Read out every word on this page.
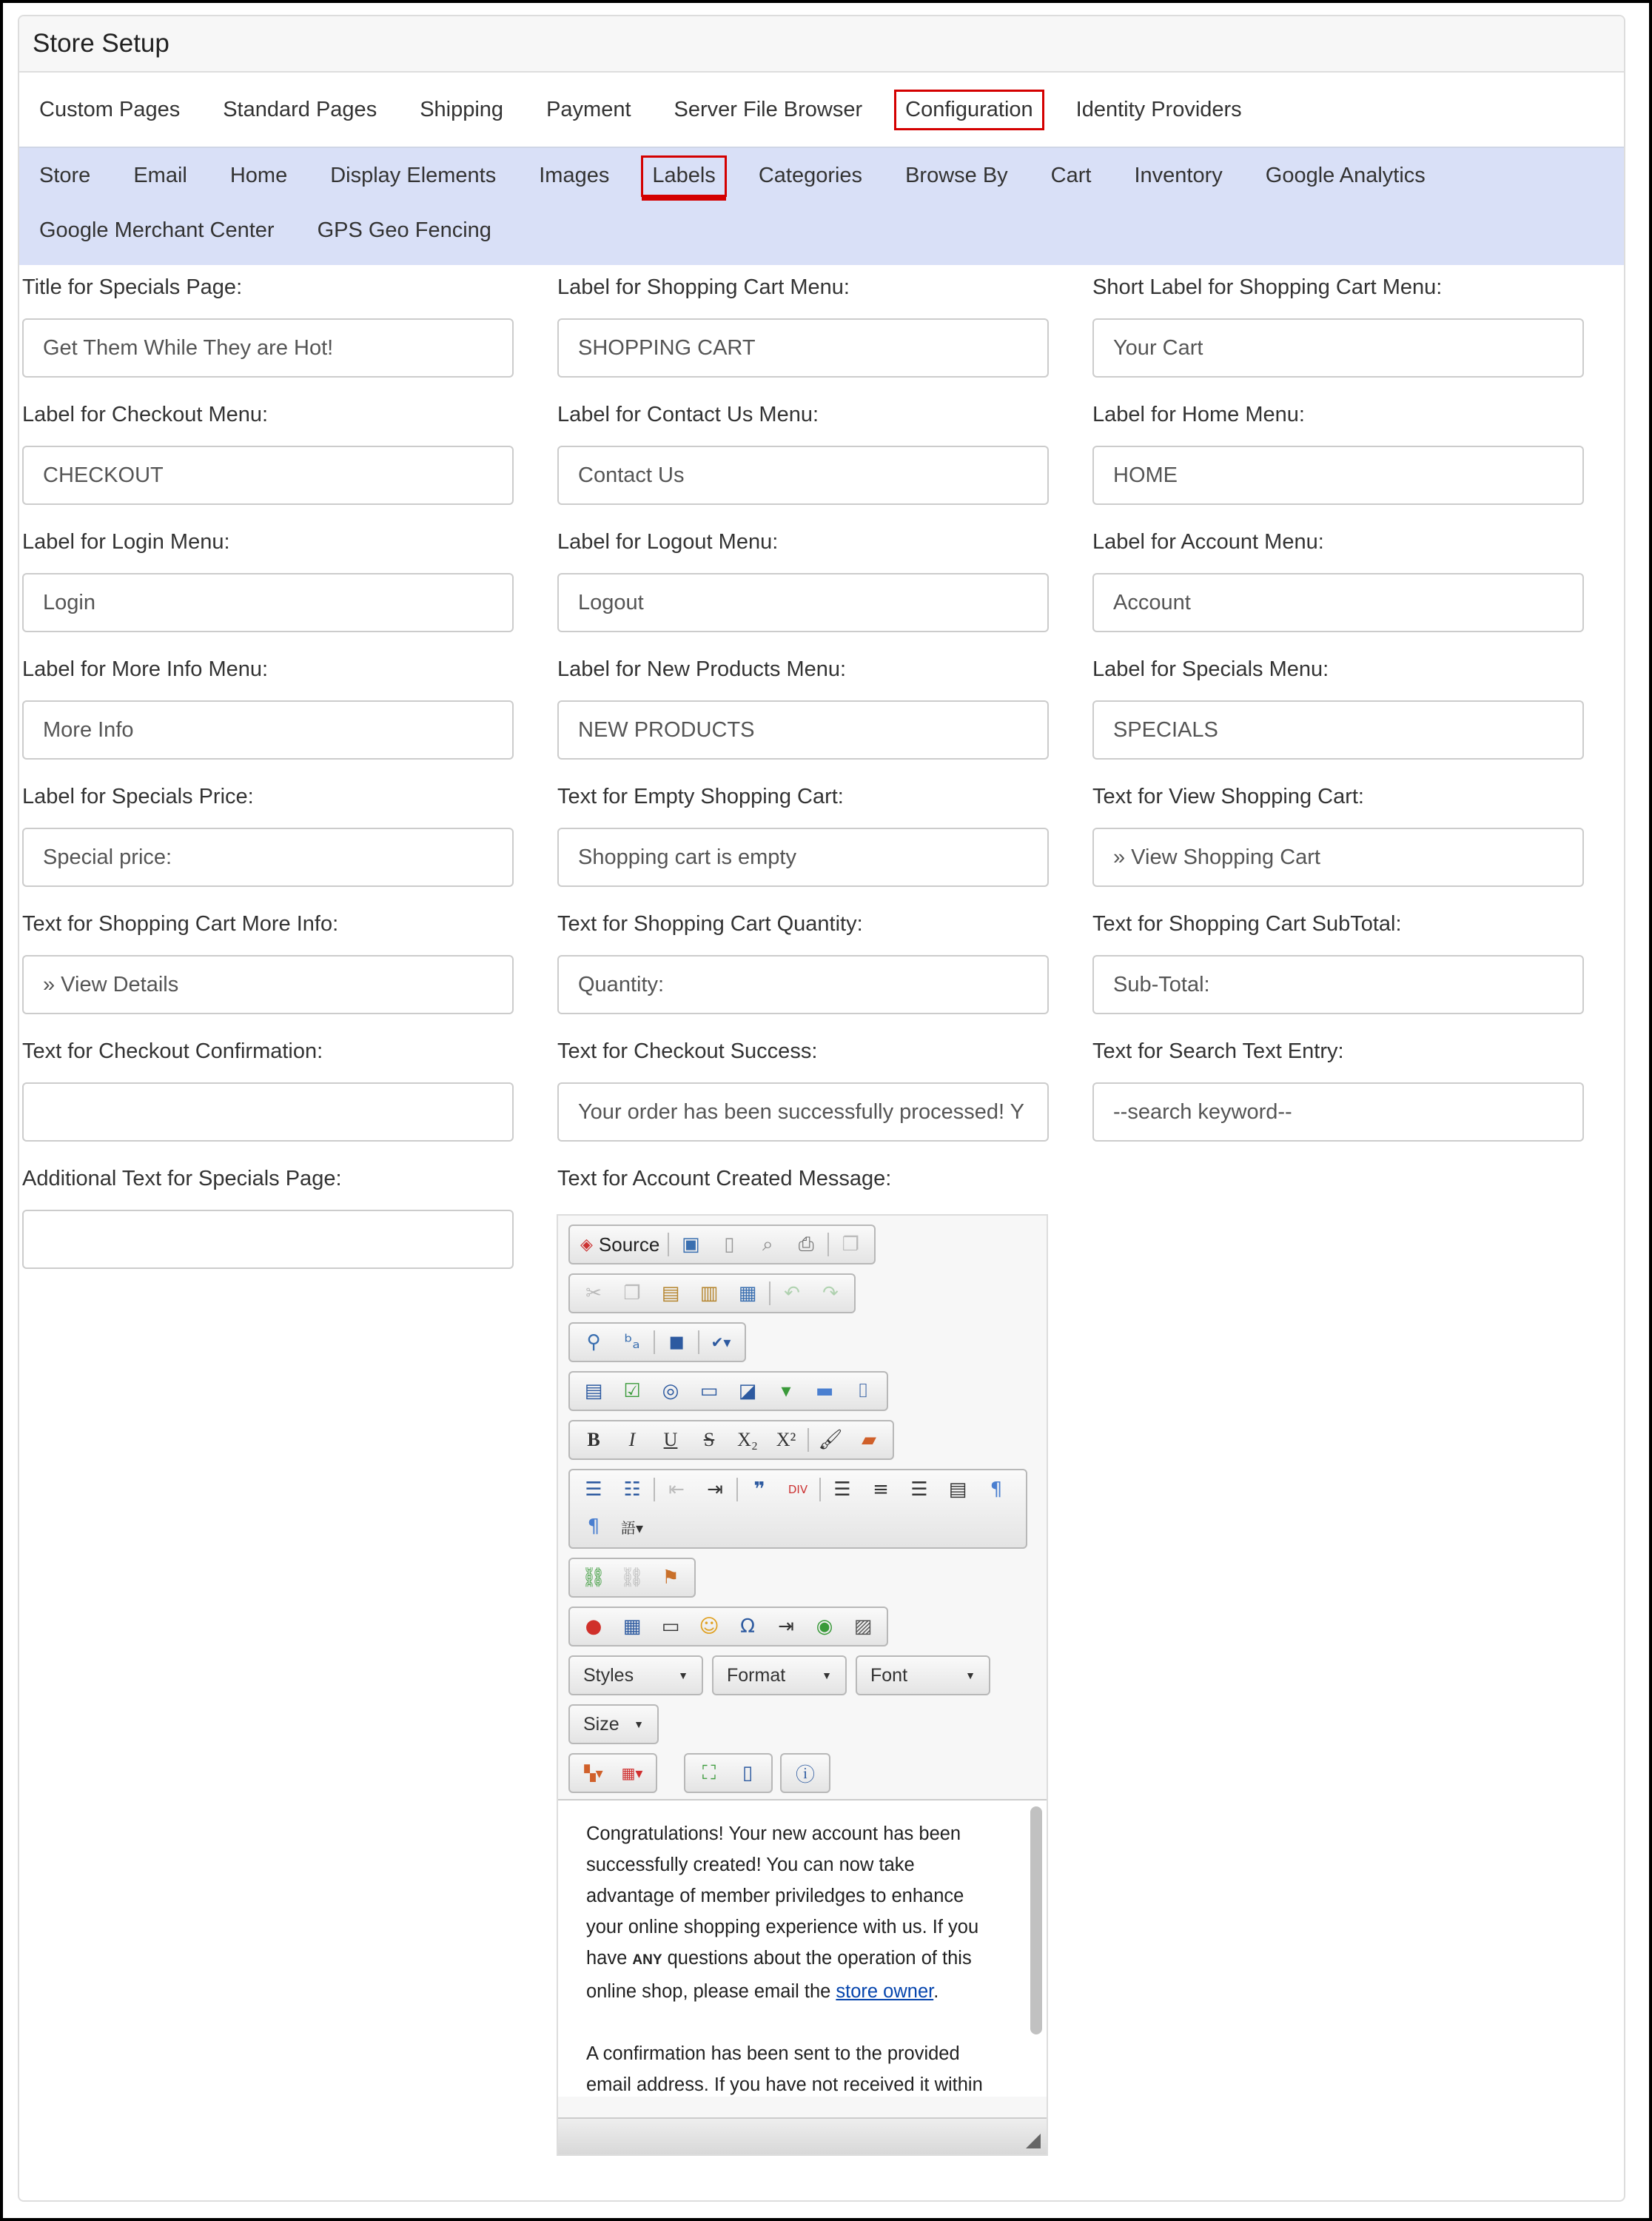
Store Setup
Custom Pages	Standard Pages	Shipping	Payment	Server File Browser	Configuration	Identity Providers
Store	Email	Home	Display Elements	Images	Labels	Categories	Browse By	Cart	Inventory	Google Analytics
Google Merchant Center	GPS Geo Fencing
Title for Specials Page:
Get Them While They are Hot!
Label for Shopping Cart Menu:
SHOPPING CART
Short Label for Shopping Cart Menu:
Your Cart
Label for Checkout Menu:
CHECKOUT
Label for Contact Us Menu:
Contact Us
Label for Home Menu:
HOME
Label for Login Menu:
Login
Label for Logout Menu:
Logout
Label for Account Menu:
Account
Label for More Info Menu:
More Info
Label for New Products Menu:
NEW PRODUCTS
Label for Specials Menu:
SPECIALS
Label for Specials Price:
Special price:
Text for Empty Shopping Cart:
Shopping cart is empty
Text for View Shopping Cart:
» View Shopping Cart
Text for Shopping Cart More Info:
» View Details
Text for Shopping Cart Quantity:
Quantity:
Text for Shopping Cart SubTotal:
Sub-Total:
Text for Checkout Confirmation:	Text for Checkout Success:
Your order has been successfully processed! Y
Text for Search Text Entry:
--search keyword--
Additional Text for Specials Page:	Text for Account Created Message:
◈ Source	▣	▯	⌕	⎙	❐
✂	❐	▤	▥	▦	↶	↷
⚲	ᵇₐ	◼	✔▾
▤	☑	◎	▭	◪	▾	▬	⌷
B	I	U	S	X₂ X²	🖌 ▰
☰	☷	⇤	⇥	❞	DIV	☰	≡	☰	▤	¶
¶	語▾
⛓ ⛓ ⚑
●	▦	▭	☺	Ω	⇥	◉	▨
Styles	▼ Format	▼ Font	▼
Size ▼
▚▾	▦▾	⛶	▯	ⓘ

Congratulations! Your new account has been successfully created! You can now take advantage of member priviledges to enhance your online shopping experience with us. If you have ANY questions about the operation of this online shop, please email the store owner.

A confirmation has been sent to the provided email address. If you have not received it within
